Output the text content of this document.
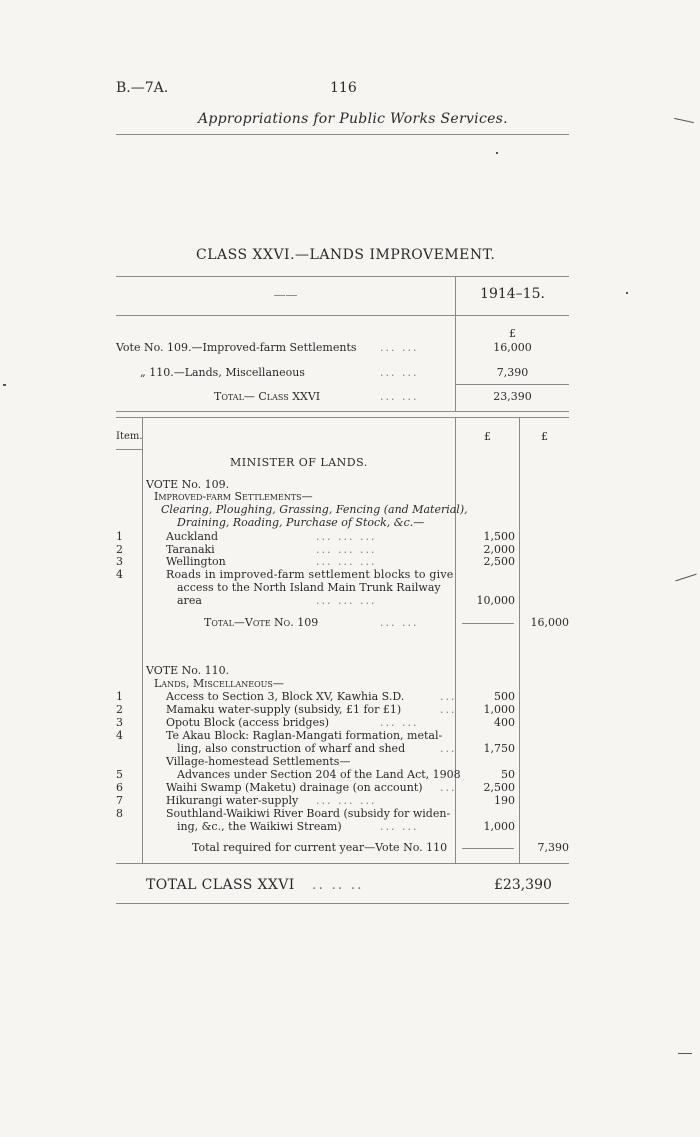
B.—7A.	116
Appropriations for Public Works Services.
CLASS XXVI.—LANDS IMPROVEMENT.
——	1914–15.
£
Vote No. 109.—Improved-farm Settlements ... ...	16,000
„ 110.—Lands, Miscellaneous	... ...	7,390
Total— Class XXVI	... ...	23,390
Item.	£	£
MINISTER OF LANDS.
VOTE No. 109.
Improved-farm Settlements—
Clearing, Ploughing, Grassing, Fencing (and Material),
Draining, Roading, Purchase of Stock, &c.—
1	Auckland	... ... ...	1,500
2	Taranaki	... ... ...	2,000
3	Wellington	... ... ...	2,500
4	Roads in improved-farm settlement blocks to give
access to the North Island Main Trunk Railway
area	... ... ...	10,000
Total—Vote No. 109	... ...	16,000
VOTE No. 110.
Lands, Miscellaneous—
1	Access to Section 3, Block XV, Kawhia S.D.	...	500
2	Mamaku water-supply (subsidy, £1 for £1)	...	1,000
3	Opotu Block (access bridges)	... ...	400
4	Te Akau Block: Raglan-Mangati formation, metal-
ling, also construction of wharf and shed	...	1,750
Village-homestead Settlements—
5	Advances under Section 204 of the Land Act, 1908	50
6	Waihi Swamp (Maketu) drainage (on account) ...	2,500
7	Hikurangi water-supply ... ... ...	190
8	Southland-Waikiwi River Board (subsidy for widen-
ing, &c., the Waikiwi Stream)	... ...	1,000
Total required for current year—Vote No. 110	7,390
TOTAL CLASS XXVI .. .. ..	£23,390
